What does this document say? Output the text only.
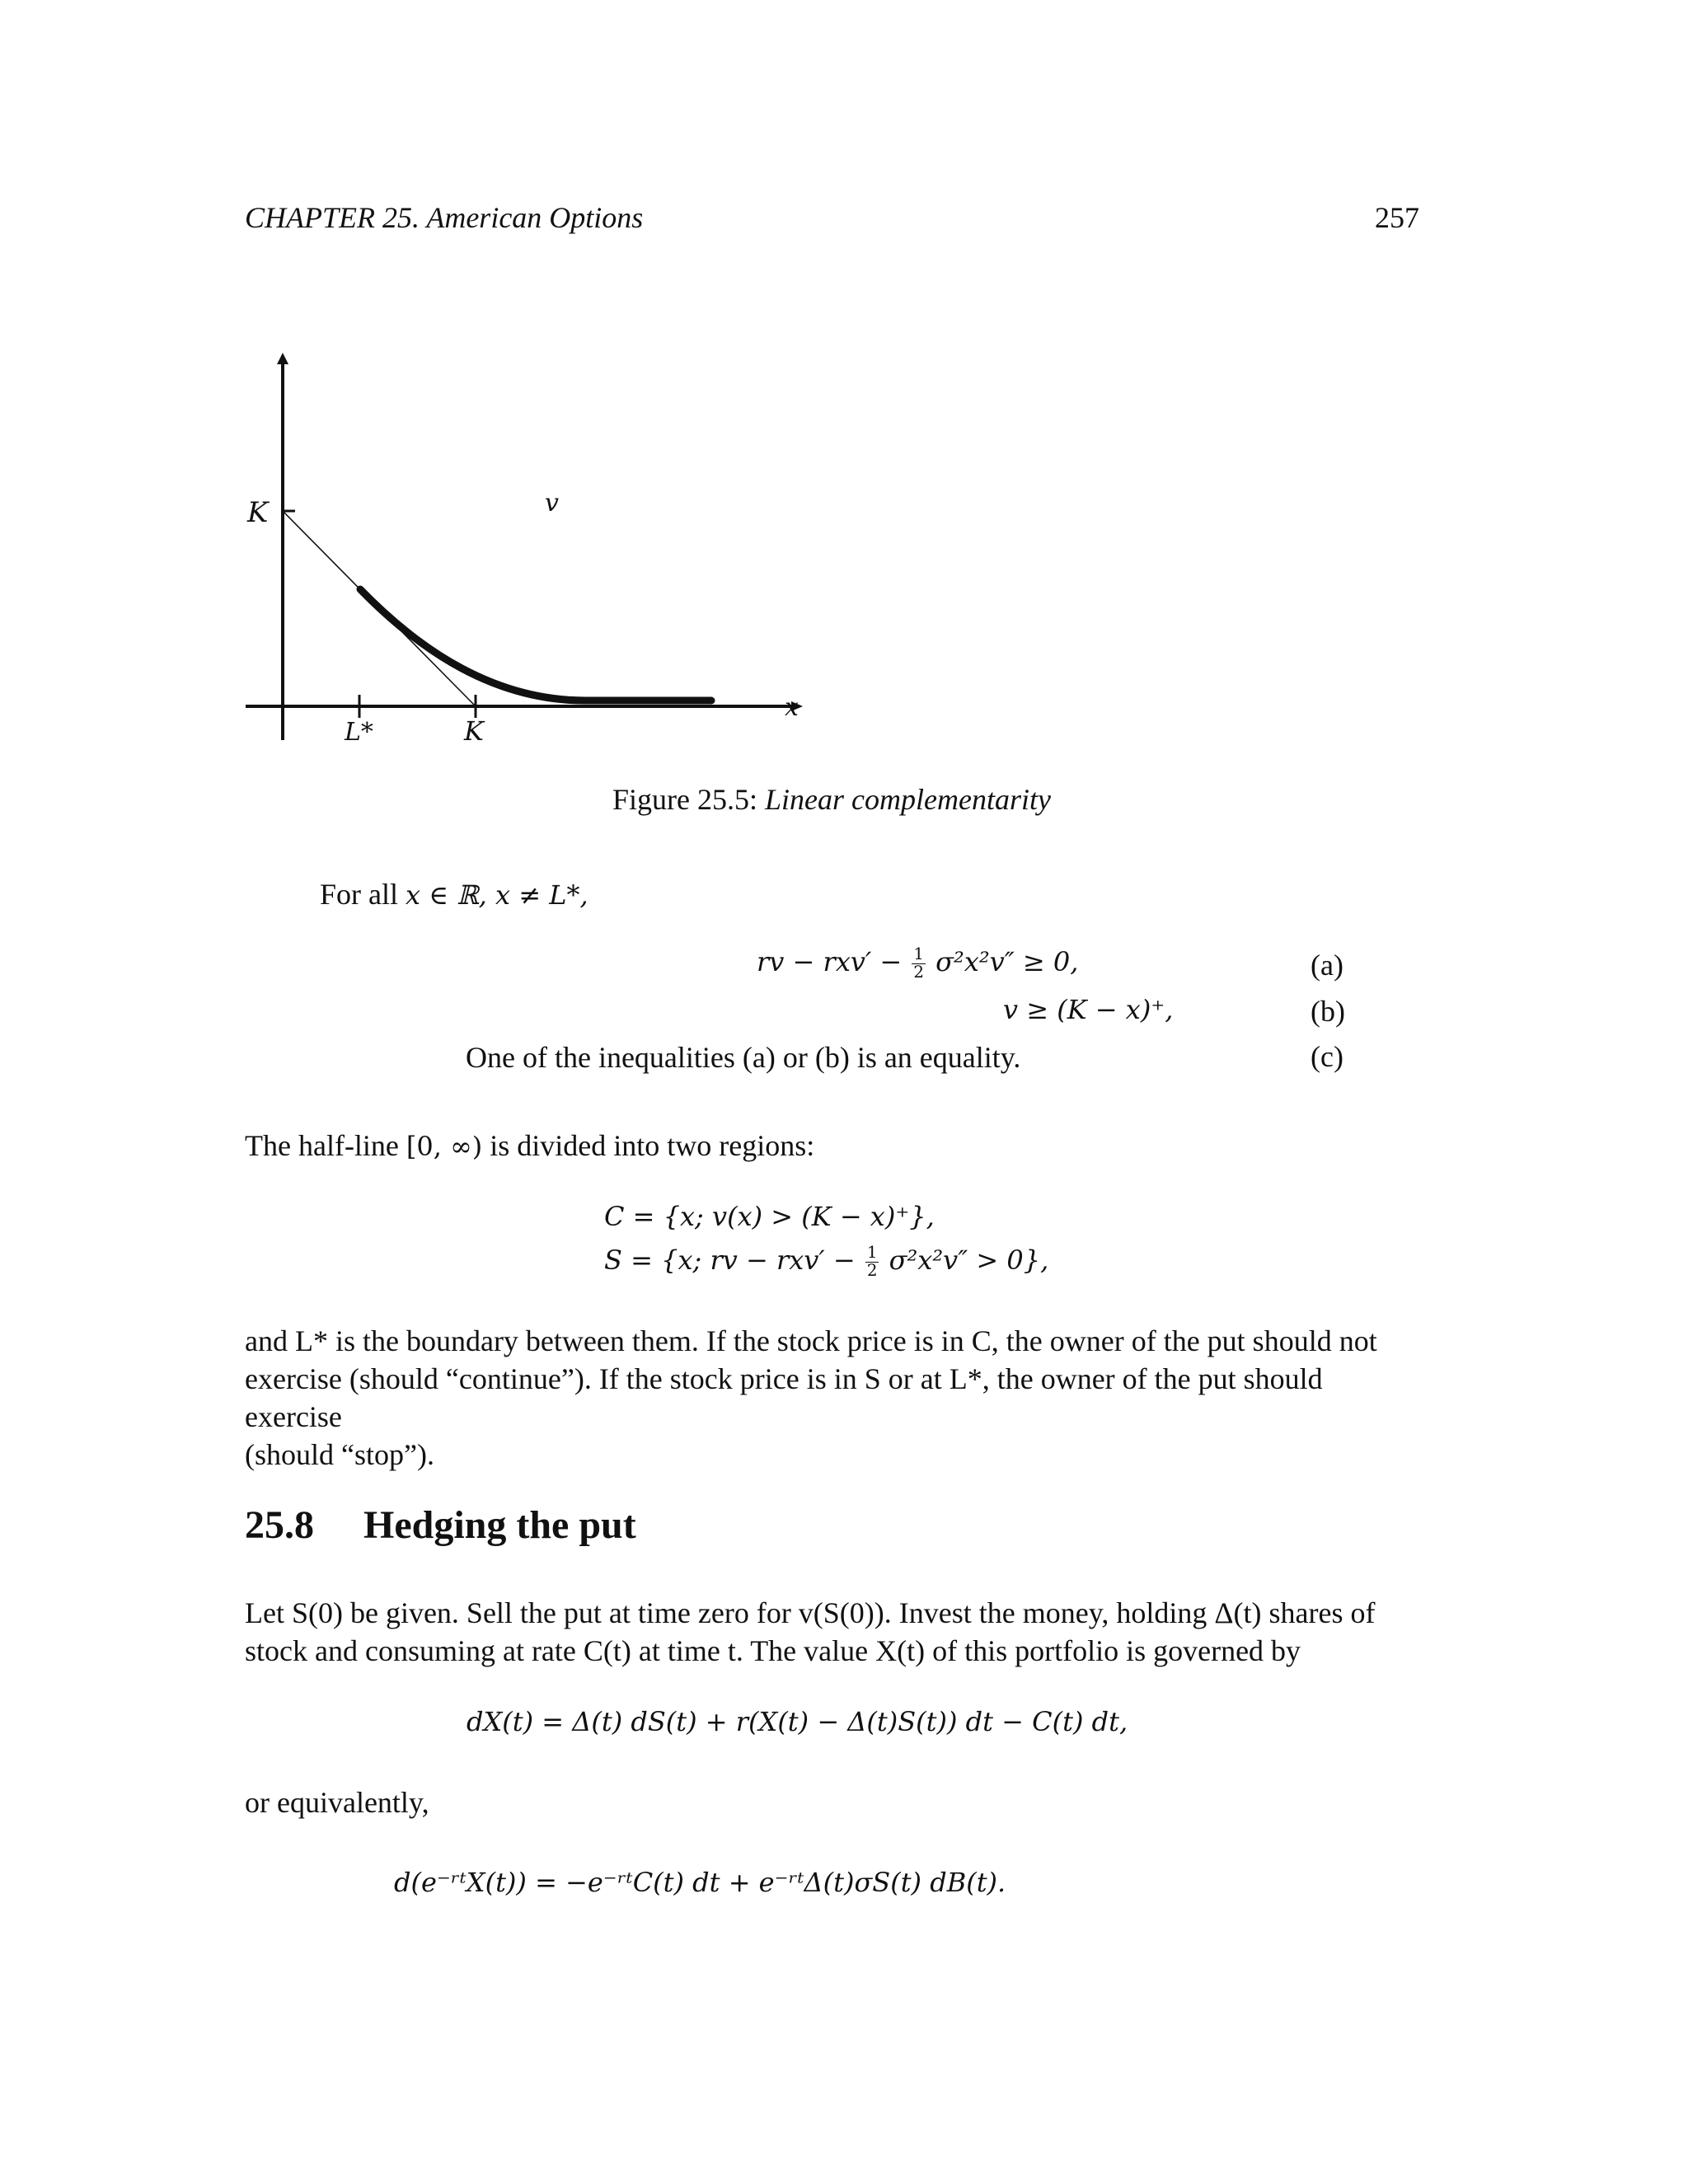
CHAPTER 25. American Options	257
K	v
L*	K
x
Figure 25.5: Linear complementarity
For all x ∈ ℝ, x ≠ L*,
rv − $rxv' - \frac{1}{2} \sigma^2x^2v'' \ge 0$,	(a)
v ≥ (K − x)⁺,	(b)
One of the inequalities (a) or (b) is an equality.	(c)
The half-line [0, ∞) is divided into two regions:
C = {x; v(x) > (K − x)⁺},
S = {x; rv − $rxv' - \frac{1}{2} \sigma^2x^2v'' > 0$},
and L* is the boundary between them. If the stock price is in C, the owner of the put should not
exercise (should “continue”). If the stock price is in S or at L*, the owner of the put should exercise
(should “stop”).
25.8 Hedging the put
Let S(0) be given. Sell the put at time zero for v(S(0)). Invest the money, holding Δ(t) shares of
stock and consuming at rate C(t) at time t. The value X(t) of this portfolio is governed by
dX(t) = Δ(t) dS(t) + r(X(t) − Δ(t)S(t)) dt − C(t) dt,
or equivalently,
d(e⁻ʳᵗX(t)) = −e⁻ʳᵗC(t) dt + e⁻ʳᵗΔ(t)σS(t) dB(t).
